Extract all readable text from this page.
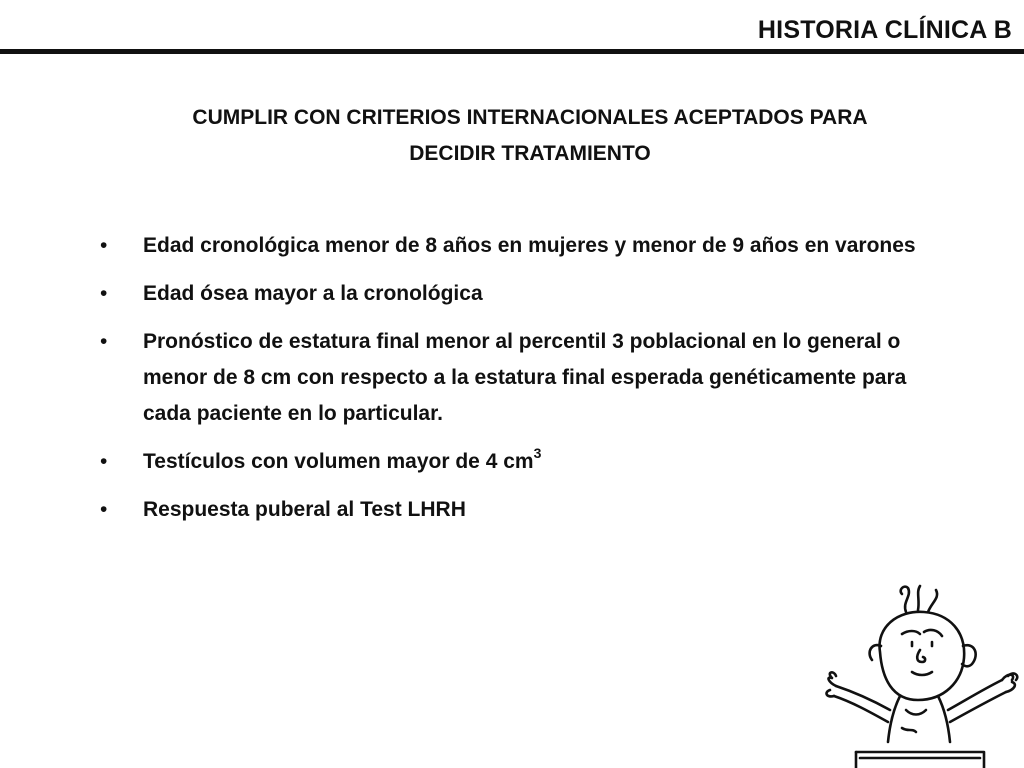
HISTORIA CLÍNICA B
CUMPLIR CON CRITERIOS INTERNACIONALES ACEPTADOS PARA
DECIDIR TRATAMIENTO
• Edad cronológica menor de 8 años en mujeres y menor de 9 años en varones
• Edad ósea mayor a la cronológica
• Pronóstico de estatura final menor al percentil 3 poblacional en lo general o menor de 8 cm con respecto a la estatura final esperada genéticamente para cada paciente en lo particular.
• Testículos con volumen mayor de 4 $cm^3$
• Respuesta puberal al Test LHRH
